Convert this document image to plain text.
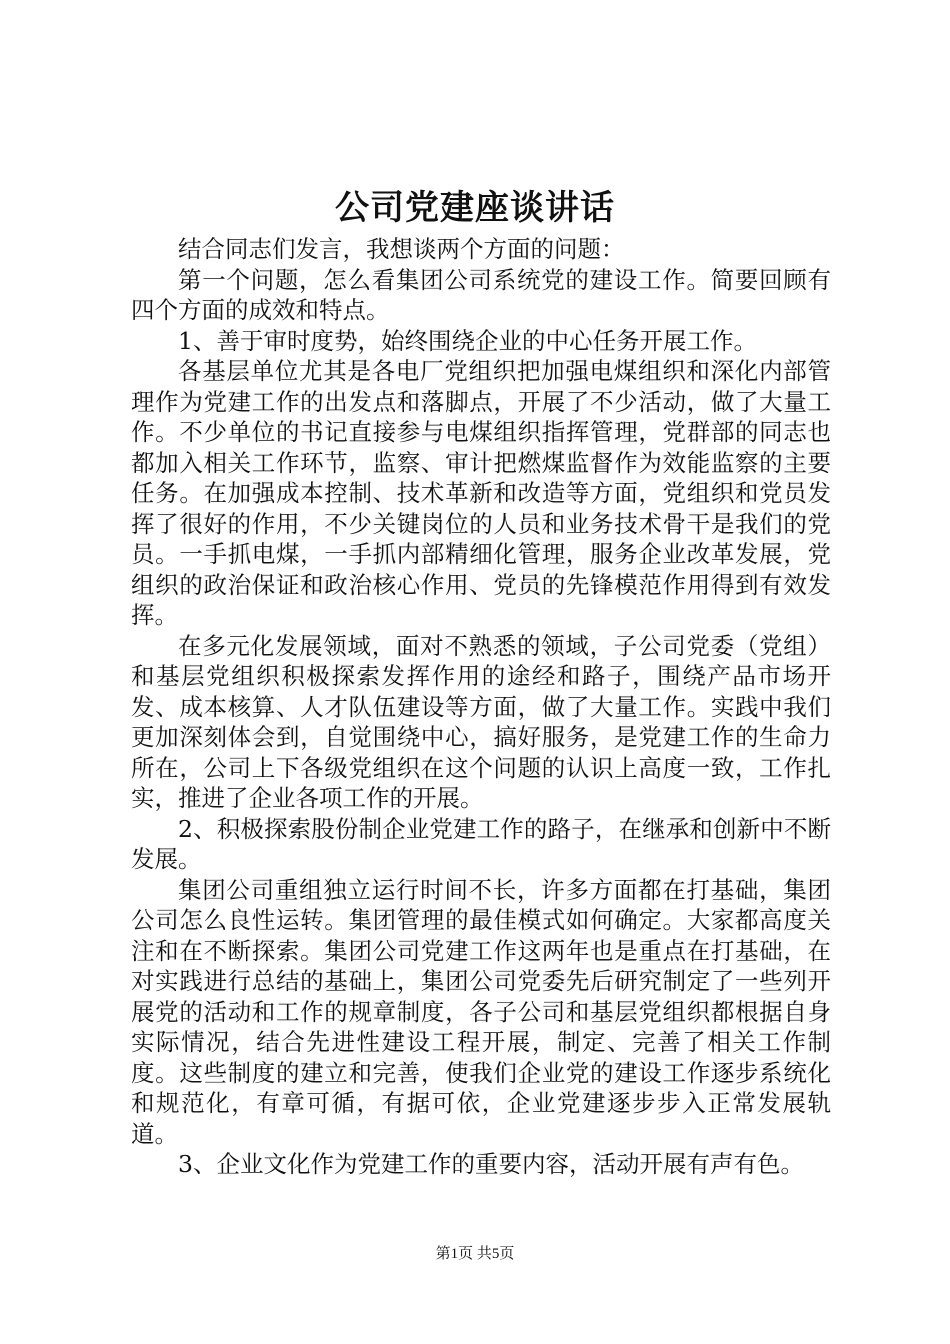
公司党建座谈讲话

结合同志们发言，我想谈两个方面的问题：

第一个问题，怎么看集团公司系统党的建设工作。简要回顾有四个方面的成效和特点。

1、善于审时度势，始终围绕企业的中心任务开展工作。

各基层单位尤其是各电厂党组织把加强电煤组织和深化内部管理作为党建工作的出发点和落脚点，开展了不少活动，做了大量工作。不少单位的书记直接参与电煤组织指挥管理，党群部的同志也都加入相关工作环节，监察、审计把燃煤监督作为效能监察的主要任务。在加强成本控制、技术革新和改造等方面，党组织和党员发挥了很好的作用，不少关键岗位的人员和业务技术骨干是我们的党员。一手抓电煤，一手抓内部精细化管理，服务企业改革发展，党组织的政治保证和政治核心作用、党员的先锋模范作用得到有效发挥。

在多元化发展领域，面对不熟悉的领域，子公司党委（党组）和基层党组织积极探索发挥作用的途经和路子，围绕产品市场开发、成本核算、人才队伍建设等方面，做了大量工作。实践中我们更加深刻体会到，自觉围绕中心，搞好服务，是党建工作的生命力所在，公司上下各级党组织在这个问题的认识上高度一致，工作扎实，推进了企业各项工作的开展。

2、积极探索股份制企业党建工作的路子，在继承和创新中不断发展。

集团公司重组独立运行时间不长，许多方面都在打基础，集团公司怎么良性运转。集团管理的最佳模式如何确定。大家都高度关注和在不断探索。集团公司党建工作这两年也是重点在打基础，在对实践进行总结的基础上，集团公司党委先后研究制定了一些列开展党的活动和工作的规章制度，各子公司和基层党组织都根据自身实际情况，结合先进性建设工程开展，制定、完善了相关工作制度。这些制度的建立和完善，使我们企业党的建设工作逐步系统化和规范化，有章可循，有据可依，企业党建逐步步入正常发展轨道。

3、企业文化作为党建工作的重要内容，活动开展有声有色。

第1页 共5页
